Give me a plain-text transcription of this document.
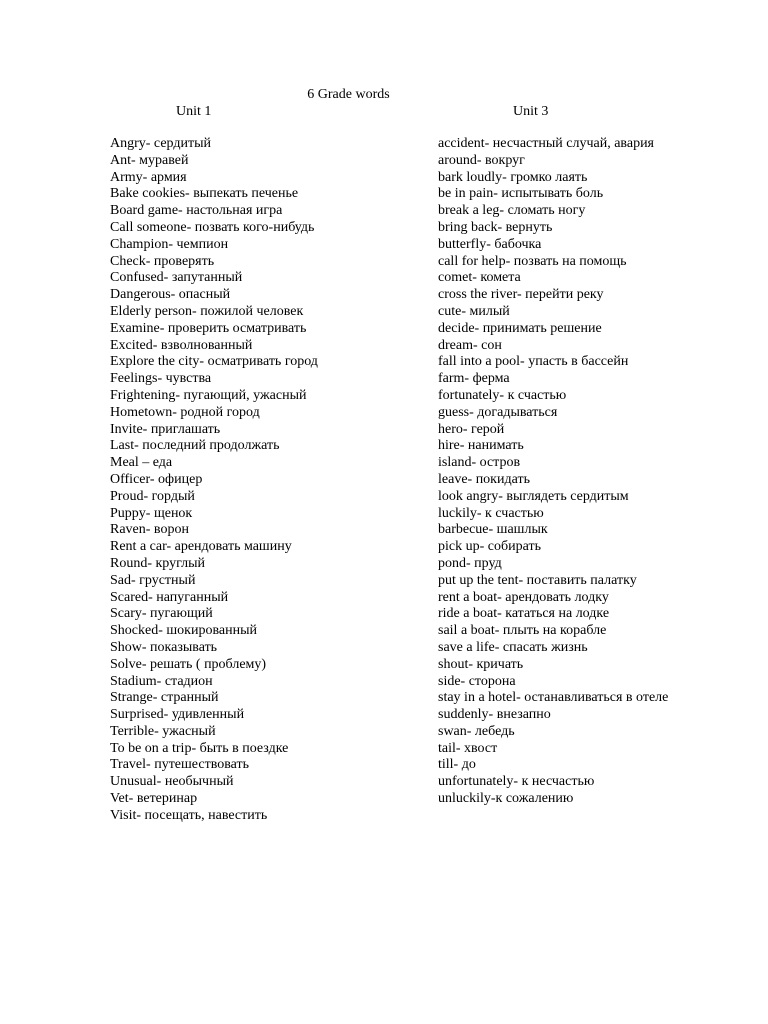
6 Grade words
Unit 1	Unit 3
Angry- сердитый
Ant- муравей
Army- армия
Bake cookies- выпекать печенье
Board game- настольная игра
Call someone- позвать кого-нибудь
Champion- чемпион
Check- проверять
Confused- запутанный
Dangerous- опасный
Elderly person- пожилой человек
Examine- проверить осматривать
Excited- взволнованный
Explore the city- осматривать город
Feelings- чувства
Frightening- пугающий, ужасный
Hometown- родной город
Invite- приглашать
Last- последний продолжать
Meal – еда
Officer- офицер
Proud- гордый
Puppy- щенок
Raven- ворон
Rent a car- арендовать машину
Round- круглый
Sad- грустный
Scared- напуганный
Scary- пугающий
Shocked- шокированный
Show- показывать
Solve- решать ( проблему)
Stadium- стадион
Strange- странный
Surprised- удивленный
Terrible- ужасный
To be on a trip- быть в поездке
Travel- путешествовать
Unusual- необычный
Vet- ветеринар
Visit- посещать, навестить
accident- несчастный случай, авария
around- вокруг
bark loudly- громко лаять
be in pain- испытывать боль
break a leg- сломать ногу
bring back- вернуть
butterfly- бабочка
call for help- позвать на помощь
comet- комета
cross the river- перейти реку
cute- милый
decide- принимать решение
dream- сон
fall into a pool- упасть в бассейн
farm- ферма
fortunately- к счастью
guess- догадываться
hero- герой
hire- нанимать
island- остров
leave- покидать
look angry- выглядеть сердитым
luckily- к счастью
barbecue- шашлык
pick up- собирать
pond- пруд
put up the tent- поставить палатку
rent a boat- арендовать лодку
ride a boat- кататься на лодке
sail a boat- плыть на корабле
save a life- спасать жизнь
shout- кричать
side- сторона
stay in a hotel- останавливаться в отеле
suddenly- внезапно
swan- лебедь
tail- хвост
till- до
unfortunately- к несчастью
unluckily-к сожалению
